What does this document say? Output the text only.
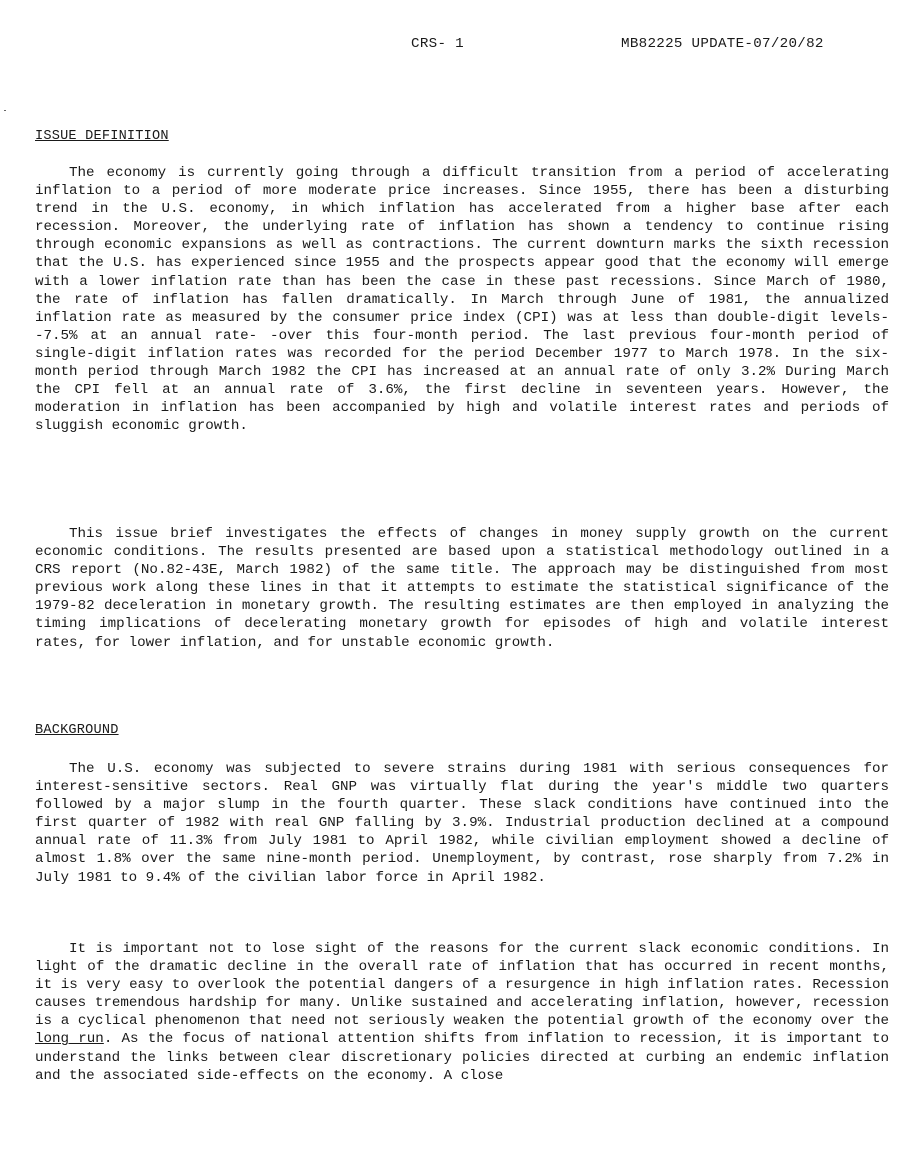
CRS- 1	MB82225 UPDATE-07/20/82
ISSUE DEFINITION

The economy is currently going through a difficult transition from a period of accelerating inflation to a period of more moderate price increases. Since 1955, there has been a disturbing trend in the U.S. economy, in which inflation has accelerated from a higher base after each recession. Moreover, the underlying rate of inflation has shown a tendency to continue rising through economic expansions as well as contractions. The current downturn marks the sixth recession that the U.S. has experienced since 1955 and the prospects appear good that the economy will emerge with a lower inflation rate than has been the case in these past recessions. Since March of 1980, the rate of inflation has fallen dramatically. In March through June of 1981, the annualized inflation rate as measured by the consumer price index (CPI) was at less than double-digit levels--7.5% at an annual rate- -over this four-month period. The last previous four-month period of single-digit inflation rates was recorded for the period December 1977 to March 1978. In the six-month period through March 1982 the CPI has increased at an annual rate of only 3.2% During March the CPI fell at an annual rate of 3.6%, the first decline in seventeen years. However, the moderation in inflation has been accompanied by high and volatile interest rates and periods of sluggish economic growth.

This issue brief investigates the effects of changes in money supply growth on the current economic conditions. The results presented are based upon a statistical methodology outlined in a CRS report (No.82-43E, March 1982) of the same title. The approach may be distinguished from most previous work along these lines in that it attempts to estimate the statistical significance of the 1979-82 deceleration in monetary growth. The resulting estimates are then employed in analyzing the timing implications of decelerating monetary growth for episodes of high and volatile interest rates, for lower inflation, and for unstable economic growth.

BACKGROUND

The U.S. economy was subjected to severe strains during 1981 with serious consequences for interest-sensitive sectors. Real GNP was virtually flat during the year's middle two quarters followed by a major slump in the fourth quarter. These slack conditions have continued into the first quarter of 1982 with real GNP falling by 3.9%. Industrial production declined at a compound annual rate of 11.3% from July 1981 to April 1982, while civilian employment showed a decline of almost 1.8% over the same nine-month period. Unemployment, by contrast, rose sharply from 7.2% in July 1981 to 9.4% of the civilian labor force in April 1982.

It is important not to lose sight of the reasons for the current slack economic conditions. In light of the dramatic decline in the overall rate of inflation that has occurred in recent months, it is very easy to overlook the potential dangers of a resurgence in high inflation rates. Recession causes tremendous hardship for many. Unlike sustained and accelerating inflation, however, recession is a cyclical phenomenon that need not seriously weaken the potential growth of the economy over the long run. As the focus of national attention shifts from inflation to recession, it is important to understand the links between clear discretionary policies directed at curbing an endemic inflation and the associated side-effects on the economy. A close
